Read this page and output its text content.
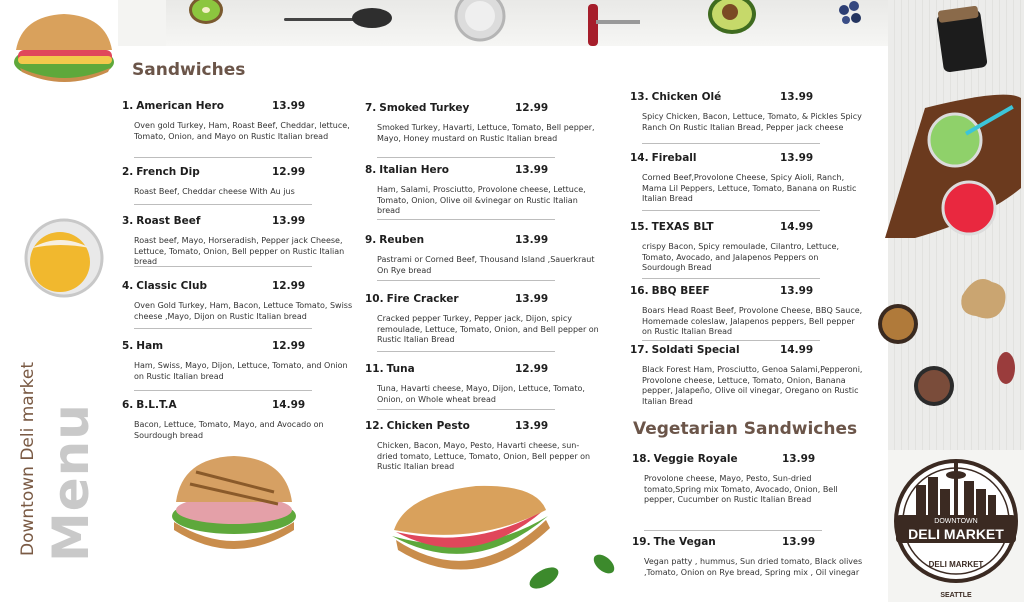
Menu
Downtown Deli market
Sandwiches
Vegetarian Sandwiches
1. American Hero	13.99
Oven gold Turkey, Ham, Roast Beef, Cheddar, lettuce, Tomato, Onion, and Mayo on Rustic Italian bread
2. French Dip	12.99
Roast Beef, Cheddar cheese With Au jus
3. Roast Beef	13.99
Roast beef, Mayo, Horseradish, Pepper jack Cheese, Lettuce, Tomato, Onion, Bell pepper on Rustic Italian bread
4. Classic Club	12.99
Oven Gold Turkey, Ham, Bacon, Lettuce Tomato, Swiss cheese ,Mayo, Dijon on Rustic Italian bread
5. Ham	12.99
Ham, Swiss, Mayo, Dijon, Lettuce, Tomato, and Onion on Rustic Italian bread
6. B.L.T.A	14.99
Bacon, Lettuce, Tomato, Mayo, and Avocado on Sourdough bread
7. Smoked Turkey	12.99
Smoked Turkey, Havarti, Lettuce, Tomato, Bell pepper, Mayo, Honey mustard on Rustic Italian bread
8. Italian Hero	13.99
Ham, Salami, Prosciutto, Provolone cheese, Lettuce, Tomato, Onion, Olive oil &vinegar on Rustic Italian bread
9. Reuben	13.99
Pastrami or Corned Beef, Thousand Island ,Sauerkraut On Rye bread
10. Fire Cracker	13.99
Cracked pepper Turkey, Pepper jack, Dijon, spicy remoulade, Lettuce, Tomato, Onion, and Bell pepper on Rustic Italian Bread
11. Tuna	12.99
Tuna, Havarti cheese, Mayo, Dijon, Lettuce, Tomato, Onion, on Whole wheat bread
12. Chicken Pesto	13.99
Chicken, Bacon, Mayo, Pesto, Havarti cheese, sun-dried tomato, Lettuce, Tomato, Onion, Bell pepper on Rustic Italian bread
13. Chicken Olé	13.99
Spicy Chicken, Bacon, Lettuce, Tomato, & Pickles Spicy Ranch On Rustic Italian Bread, Pepper jack cheese
14. Fireball	13.99
Corned Beef,Provolone Cheese, Spicy Aioli, Ranch, Mama Lil Peppers, Lettuce, Tomato, Banana on Rustic Italian Bread
15. TEXAS BLT	14.99
crispy Bacon, Spicy remoulade, Cilantro, Lettuce, Tomato, Avocado, and Jalapenos Peppers on Sourdough Bread
16. BBQ BEEF	13.99
Boars Head Roast Beef, Provolone Cheese, BBQ Sauce, Homemade coleslaw, Jalapenos peppers, Bell pepper on Rustic Italian Bread
17. Soldati Special	14.99
Black Forest Ham, Prosciutto, Genoa Salami,Pepperoni, Provolone cheese, Lettuce, Tomato, Onion, Banana pepper, Jalapeño, Olive oil vinegar, Oregano on Rustic Italian Bread
18. Veggie Royale	13.99
Provolone cheese, Mayo, Pesto, Sun-dried tomato,Spring mix Tomato, Avocado, Onion, Bell pepper, Cucumber on Rustic Italian Bread
19. The Vegan	13.99
Vegan patty , hummus, Sun dried tomato, Black olives ,Tomato, Onion on Rye bread, Spring mix , Oil vinegar
DOWNTOWN
DELI MARKET
DELI MARKET
SEATTLE
